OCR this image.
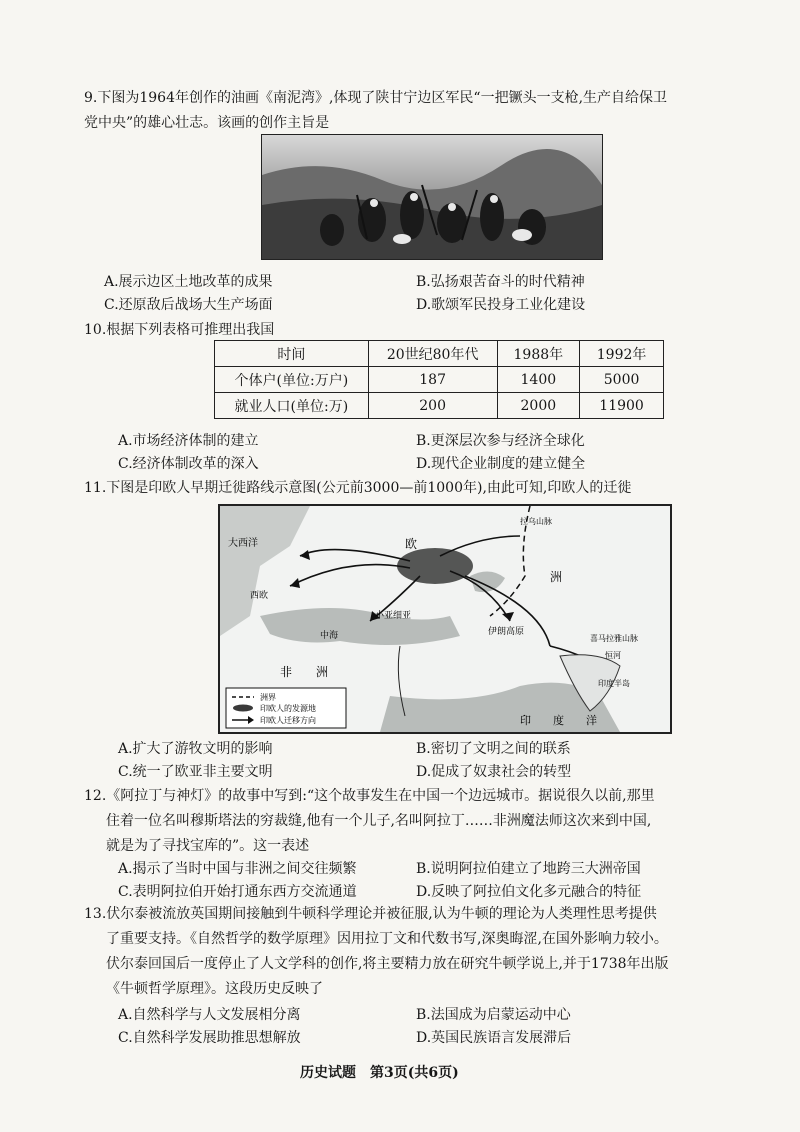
9.下图为1964年创作的油画《南泥湾》,体现了陕甘宁边区军民“一把镢头一支枪,生产自给保卫
党中央”的雄心壮志。该画的创作主旨是
A.展示边区土地改革的成果	B.弘扬艰苦奋斗的时代精神
C.还原敌后战场大生产场面	D.歌颂军民投身工业化建设
10.根据下列表格可推理出我国
时间	20世纪80年代	1988年	1992年
个体户(单位:万户)	187	1400	5000
就业人口(单位:万)	200	2000	11900
A.市场经济体制的建立	B.更深层次参与经济全球化
C.经济体制改革的深入	D.现代企业制度的建立健全
11.下图是印欧人早期迁徙路线示意图(公元前3000—前1000年),由此可知,印欧人的迁徙
欧
洲
非　　洲
小亚细亚
伊朗高原
印度半岛
印　　度　　洋
拉乌山脉
喜马拉雅山脉
大西洋
西欧
中海
恒河
洲界
印欧人的发源地
印欧人迁移方向
A.扩大了游牧文明的影响	B.密切了文明之间的联系
C.统一了欧亚非主要文明	D.促成了奴隶社会的转型
12.《阿拉丁与神灯》的故事中写到:“这个故事发生在中国一个边远城市。据说很久以前,那里
住着一位名叫穆斯塔法的穷裁缝,他有一个儿子,名叫阿拉丁……非洲魔法师这次来到中国,
就是为了寻找宝库的”。这一表述
A.揭示了当时中国与非洲之间交往频繁	B.说明阿拉伯建立了地跨三大洲帝国
C.表明阿拉伯开始打通东西方交流通道	D.反映了阿拉伯文化多元融合的特征
13.伏尔泰被流放英国期间接触到牛顿科学理论并被征服,认为牛顿的理论为人类理性思考提供
了重要支持。《自然哲学的数学原理》因用拉丁文和代数书写,深奥晦涩,在国外影响力较小。
伏尔泰回国后一度停止了人文学科的创作,将主要精力放在研究牛顿学说上,并于1738年出版
《牛顿哲学原理》。这段历史反映了
A.自然科学与人文发展相分离	B.法国成为启蒙运动中心
C.自然科学发展助推思想解放	D.英国民族语言发展滞后
历史试题　第3页(共6页)
